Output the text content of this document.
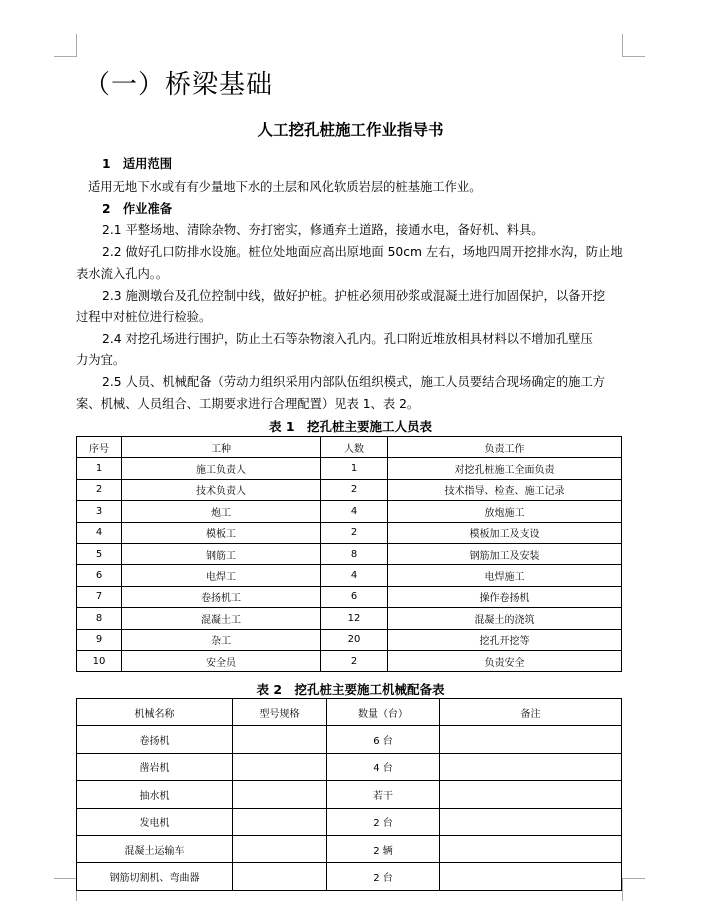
（一）桥梁基础
人工挖孔桩施工作业指导书
1　适用范围
适用无地下水或有有少量地下水的土层和风化软质岩层的桩基施工作业。
2　作业准备
2.1 平整场地、清除杂物、夯打密实，修通弃土道路，接通水电，备好机、料具。
2.2 做好孔口防排水设施。桩位处地面应高出原地面 50cm 左右，场地四周开挖排水沟，防止地
表水流入孔内。。
2.3 施测墩台及孔位控制中线，做好护桩。护桩必须用砂浆或混凝土进行加固保护，以备开挖
过程中对桩位进行检验。
2.4 对挖孔场进行围护，防止土石等杂物滚入孔内。孔口附近堆放相具材料以不增加孔壁压
力为宜。
2.5 人员、机械配备（劳动力组织采用内部队伍组织模式，施工人员要结合现场确定的施工方
案、机械、人员组合、工期要求进行合理配置）见表 1、表 2。
表 1　挖孔桩主要施工人员表
序号	工种	人数	负责工作
1	施工负责人	1	对挖孔桩施工全面负责
2	技术负责人	2	技术指导、检查、施工记录
3	炮工	4	放炮施工
4	模板工	2	模板加工及支设
5	钢筋工	8	钢筋加工及安装
6	电焊工	4	电焊施工
7	卷扬机工	6	操作卷扬机
8	混凝土工	12	混凝土的浇筑
9	杂工	20	挖孔开挖等
10	安全员	2	负责安全
表 2　挖孔桩主要施工机械配备表
机械名称	型号规格	数量（台）	备注
卷扬机		6 台	
凿岩机		4 台	
抽水机		若干	
发电机		2 台	
混凝土运输车		2 辆	
钢筋切割机、弯曲器		2 台	
